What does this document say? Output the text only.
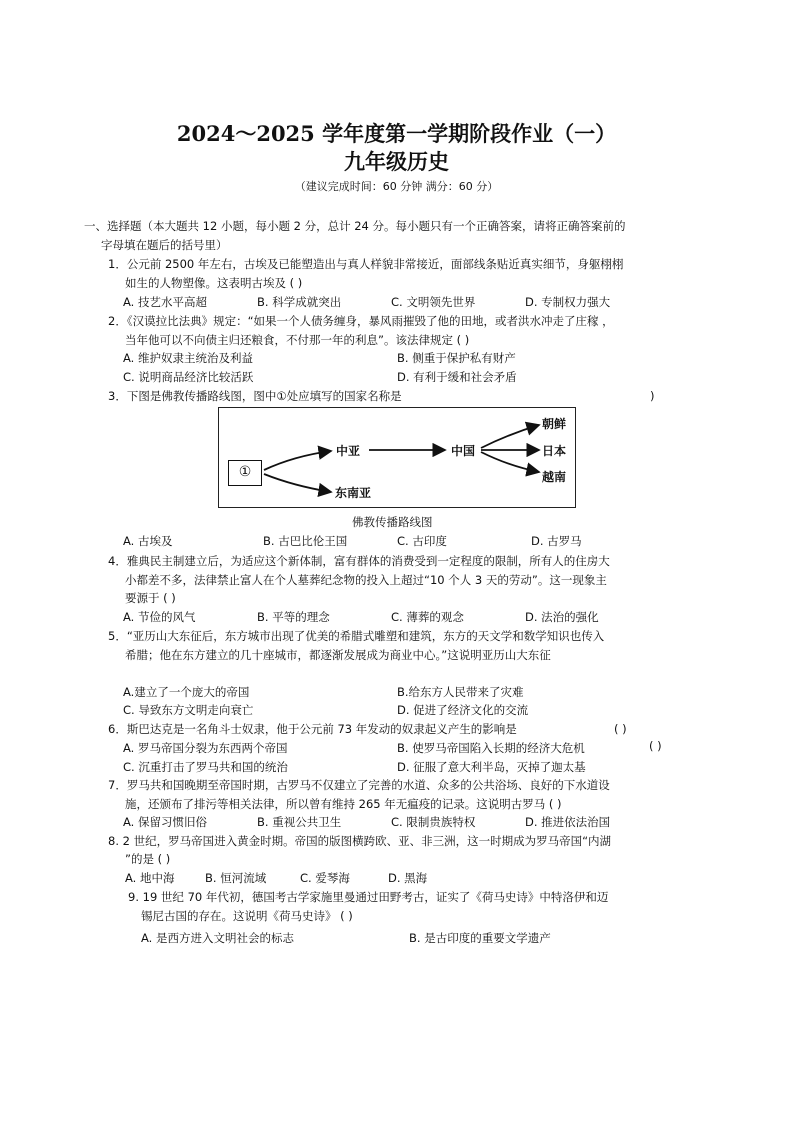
2024～2025 学年度第一学期阶段作业（一）
九年级历史
（建议完成时间：60 分钟 满分：60 分）
一、选择题（本大题共 12 小题，每小题 2 分，总计 24 分。每小题只有一个正确答案，请将正确答案前的
字母填在题后的括号里）
1．公元前 2500 年左右，古埃及已能塑造出与真人样貌非常接近，面部线条贴近真实细节，身躯栩栩
如生的人物塑像。这表明古埃及 ( )
A. 技艺水平高超	B. 科学成就突出	C. 文明领先世界	D. 专制权力强大
2．《汉谟拉比法典》规定：“如果一个人债务缠身，暴风雨摧毁了他的田地，或者洪水冲走了庄稼 ，
当年他可以不向债主归还粮食，不付那一年的利息”。该法律规定 ( )
A. 维护奴隶主统治及利益	B. 侧重于保护私有财产
C. 说明商品经济比较活跃	D. 有利于缓和社会矛盾
3．下图是佛教传播路线图，图中①处应填写的国家名称是	)
①
中亚
东南亚
中国
朝鲜
日本
越南
佛教传播路线图
A. 古埃及	B. 古巴比伦王国	C. 古印度	D. 古罗马
4．雅典民主制建立后，为适应这个新体制，富有群体的消费受到一定程度的限制，所有人的住房大
小都差不多，法律禁止富人在个人墓葬纪念物的投入上超过“10 个人 3 天的劳动”。这一现象主
要源于 ( )
A. 节俭的风气	B. 平等的理念	C. 薄葬的观念	D. 法治的强化
5．“亚历山大东征后，东方城市出现了优美的希腊式雕塑和建筑，东方的天文学和数学知识也传入
希腊；他在东方建立的几十座城市，都逐渐发展成为商业中心。”这说明亚历山大东征
A.建立了一个庞大的帝国	B.给东方人民带来了灾难
C. 导致东方文明走向衰亡	D. 促进了经济文化的交流
6．斯巴达克是一名角斗士奴隶，他于公元前 73 年发动的奴隶起义产生的影响是	( )
A. 罗马帝国分裂为东西两个帝国	B. 使罗马帝国陷入长期的经济大危机	( )
C. 沉重打击了罗马共和国的统治	D. 征服了意大利半岛，灭掉了迦太基
7．罗马共和国晚期至帝国时期，古罗马不仅建立了完善的水道、众多的公共浴场、良好的下水道设
施，还颁布了排污等相关法律，所以曾有维持 265 年无瘟疫的记录。这说明古罗马 ( )
A. 保留习惯旧俗	B. 重视公共卫生	C. 限制贵族特权	D. 推进依法治国
8. 2 世纪，罗马帝国进入黄金时期。帝国的版图横跨欧、亚、非三洲，这一时期成为罗马帝国“内湖
”的是 ( )
A. 地中海	B. 恒河流域	C. 爱琴海	D. 黑海
9. 19 世纪 70 年代初，德国考古学家施里曼通过田野考古，证实了《荷马史诗》中特洛伊和迈
锡尼古国的存在。这说明《荷马史诗》 ( )
A. 是西方进入文明社会的标志	B. 是古印度的重要文学遗产
